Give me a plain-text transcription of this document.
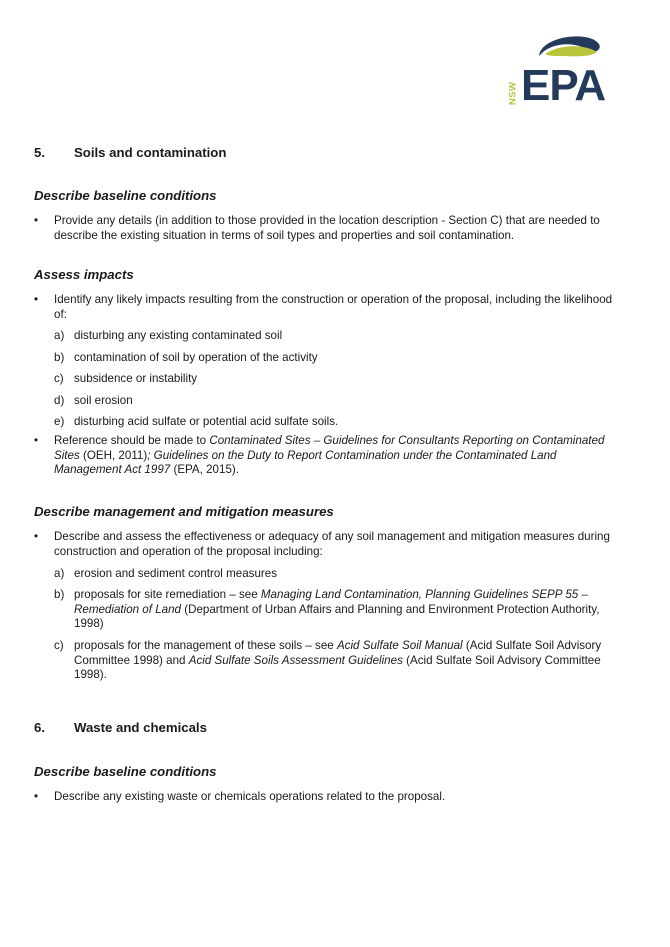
NSW EPA
5. Soils and contamination
Describe baseline conditions
•	Provide any details (in addition to those provided in the location description - Section C) that are needed to describe the existing situation in terms of soil types and properties and soil contamination.
Assess impacts
•	Identify any likely impacts resulting from the construction or operation of the proposal, including the likelihood of:
a) disturbing any existing contaminated soil
b) contamination of soil by operation of the activity
c) subsidence or instability
d) soil erosion
e) disturbing acid sulfate or potential acid sulfate soils.
•	Reference should be made to Contaminated Sites – Guidelines for Consultants Reporting on Contaminated Sites (OEH, 2011); Guidelines on the Duty to Report Contamination under the Contaminated Land Management Act 1997 (EPA, 2015).
Describe management and mitigation measures
•	Describe and assess the effectiveness or adequacy of any soil management and mitigation measures during construction and operation of the proposal including:
a) erosion and sediment control measures
b) proposals for site remediation – see Managing Land Contamination, Planning Guidelines SEPP 55 – Remediation of Land (Department of Urban Affairs and Planning and Environment Protection Authority, 1998)
c) proposals for the management of these soils – see Acid Sulfate Soil Manual (Acid Sulfate Soil Advisory Committee 1998) and Acid Sulfate Soils Assessment Guidelines (Acid Sulfate Soil Advisory Committee 1998).
6. Waste and chemicals
Describe baseline conditions
•	Describe any existing waste or chemicals operations related to the proposal.
